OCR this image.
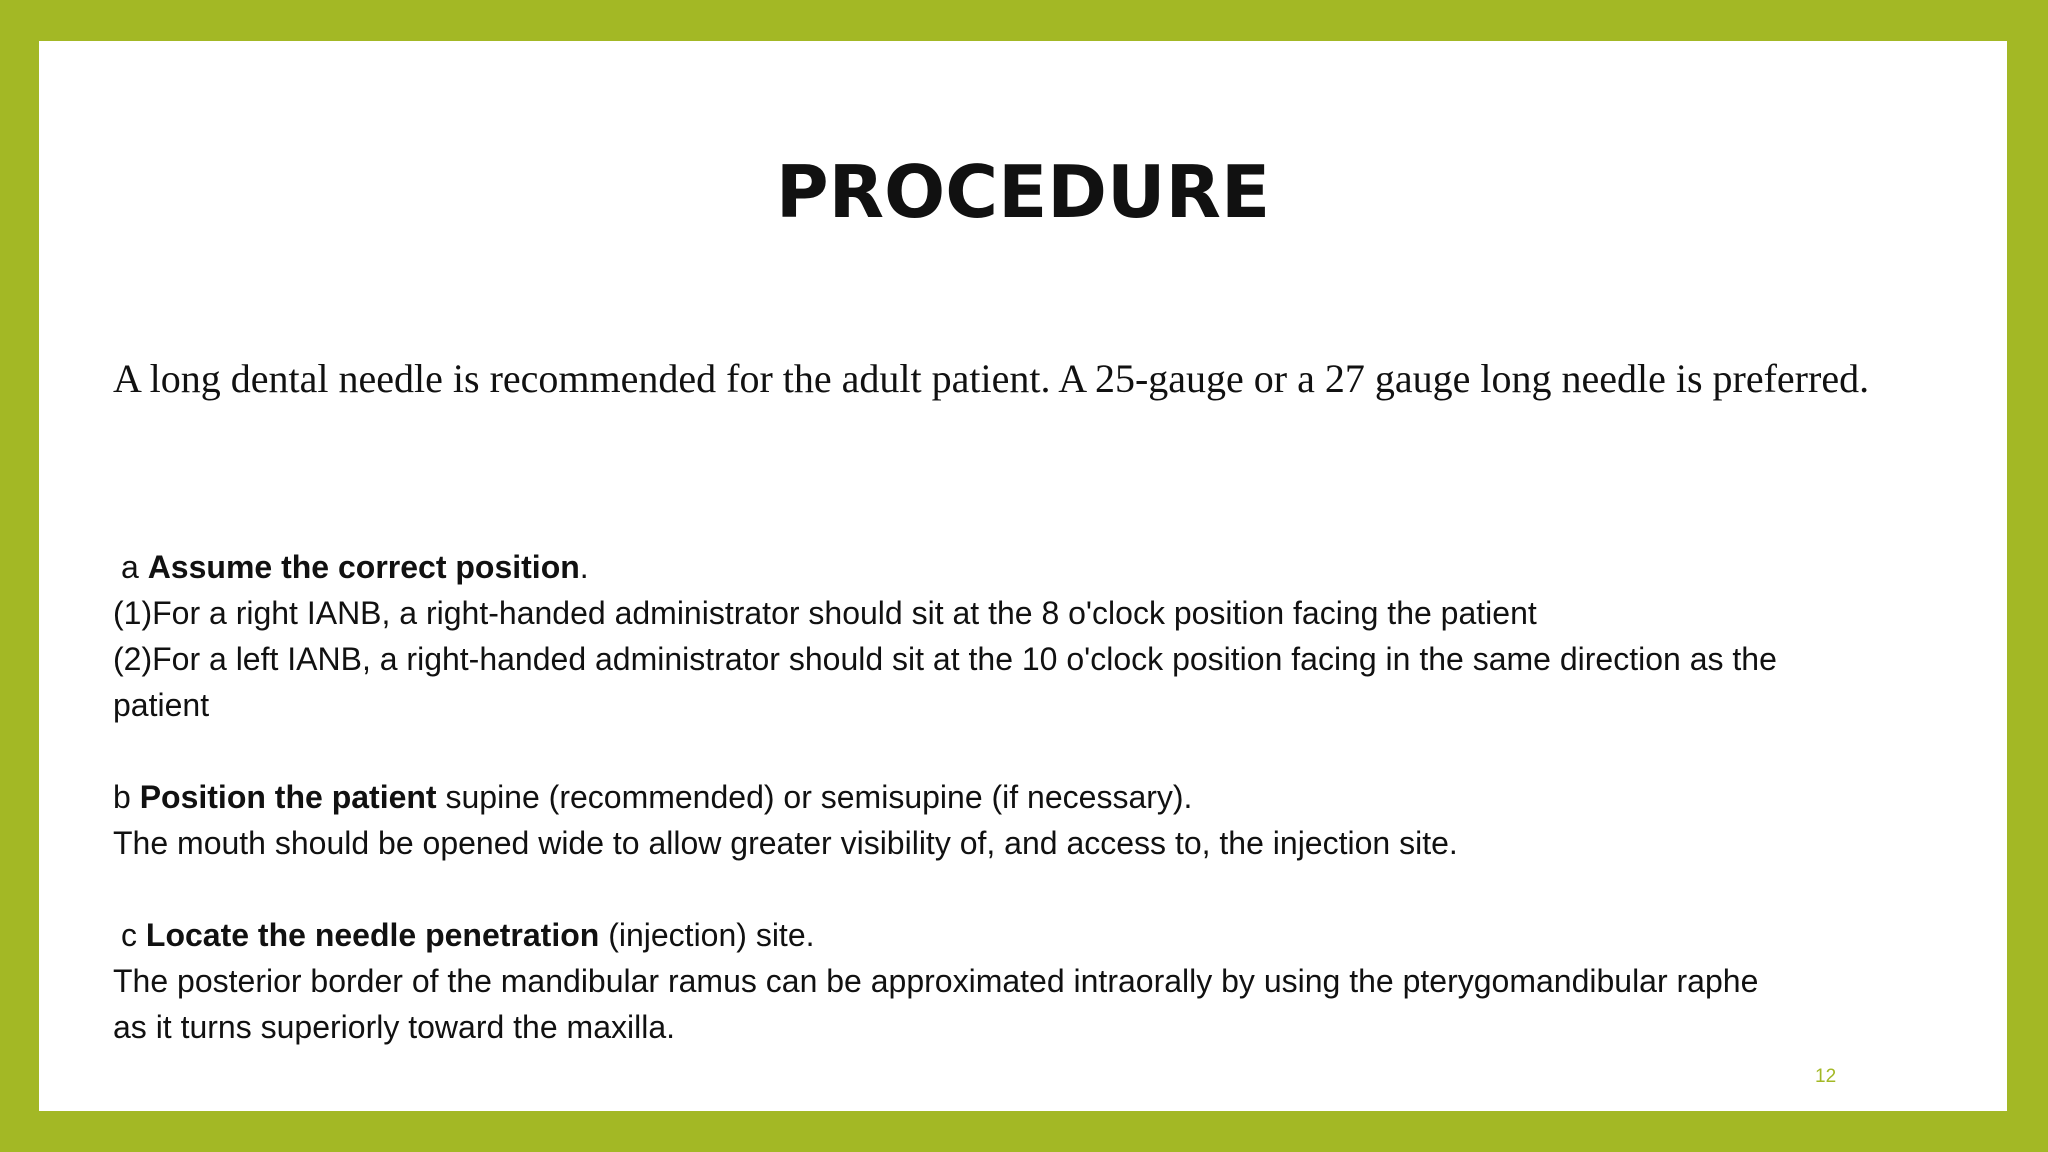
PROCEDURE
A long dental needle is recommended for the adult patient. A 25-gauge or a 27 gauge long needle is preferred.
a Assume the correct position.
(1)For a right IANB, a right-handed administrator should sit at the 8 o'clock position facing the patient
(2)For a left IANB, a right-handed administrator should sit at the 10 o'clock position facing in the same direction as the
patient
b Position the patient supine (recommended) or semisupine (if necessary).
The mouth should be opened wide to allow greater visibility of, and access to, the injection site.
c Locate the needle penetration (injection) site.
The posterior border of the mandibular ramus can be approximated intraorally by using the pterygomandibular raphe
as it turns superiorly toward the maxilla.
12
